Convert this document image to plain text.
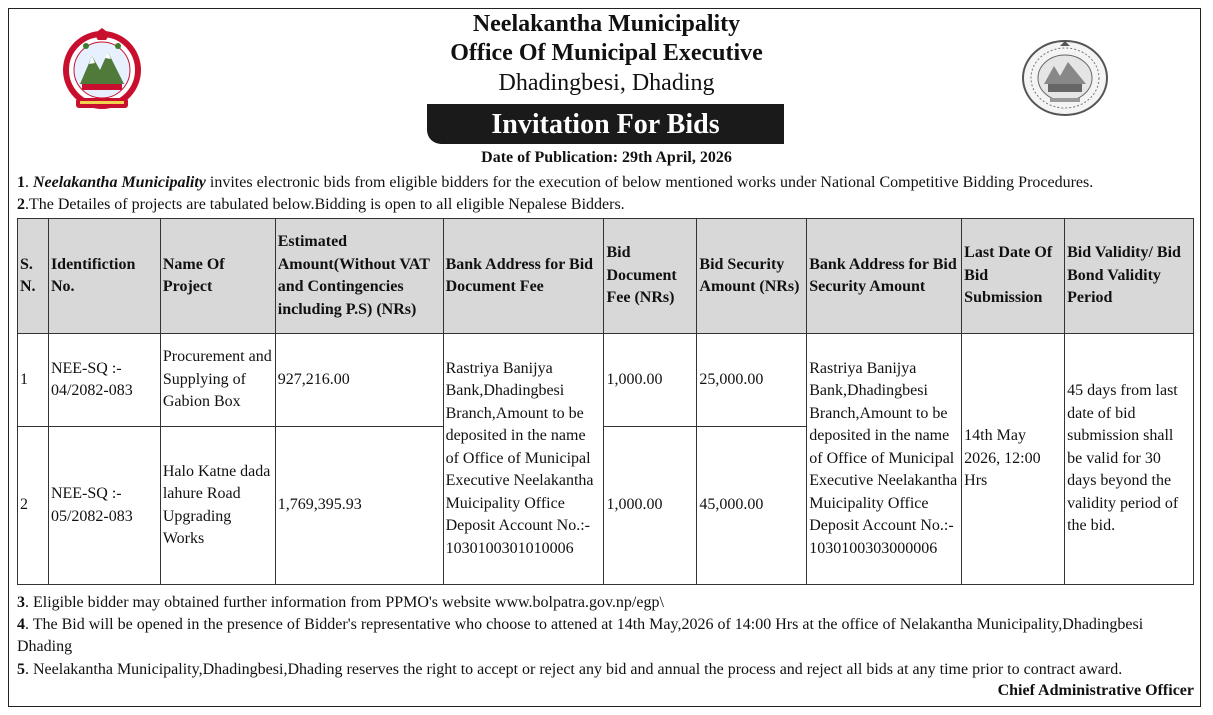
Neelakantha Municipality
Office Of Municipal Executive
Dhadingbesi, Dhading
Invitation For Bids
Date of Publication: 29th April, 2026
1. Neelakantha Municipality invites electronic bids from eligible bidders for the execution of below mentioned works under National Competitive Bidding Procedures.
2.The Detailes of projects are tabulated below.Bidding is open to all eligible Nepalese Bidders.
S. N.	Identifiction No.	Name Of Project	Estimated Amount(Without VAT and Contingencies including P.S) (NRs)	Bank Address for Bid Document Fee	Bid Document Fee (NRs)	Bid Security Amount (NRs)	Bank Address for Bid Security Amount	Last Date Of Bid Submission	Bid Validity/ Bid Bond Validity Period
1	NEE-SQ :- 04/2082-083	Procurement and Supplying of Gabion Box	927,216.00	Rastriya Banijya Bank,Dhadingbesi Branch,Amount to be deposited in the name of Office of Municipal Executive Neelakantha Muicipality Office Deposit Account No.:- 1030100301010006	1,000.00	25,000.00	Rastriya Banijya Bank,Dhadingbesi Branch,Amount to be deposited in the name of Office of Municipal Executive Neelakantha Muicipality Office Deposit Account No.:- 1030100303000006	14th May 2026, 12:00 Hrs	45 days from last date of bid submission shall be valid for 30 days beyond the validity period of the bid.
2	NEE-SQ :- 05/2082-083	Halo Katne dada lahure Road Upgrading Works	1,769,395.93		1,000.00	45,000.00			
3. Eligible bidder may obtained further information from PPMO's website www.bolpatra.gov.np/egp\
4. The Bid will be opened in the presence of Bidder's representative who choose to attened at 14th May,2026 of 14:00 Hrs at the office of Nelakantha Municipality,Dhadingbesi Dhading
5. Neelakantha Municipality,Dhadingbesi,Dhading reserves the right to accept or reject any bid and annual the process and reject all bids at any time prior to contract award.
Chief Administrative Officer
